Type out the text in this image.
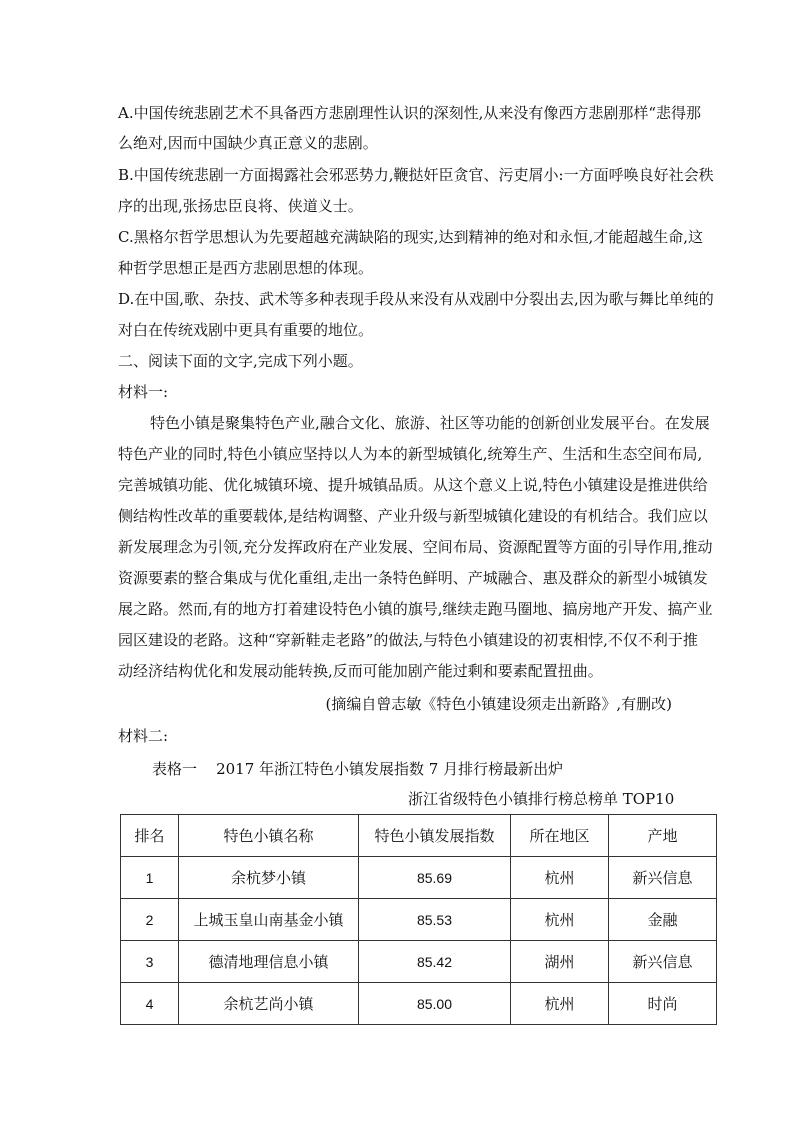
A.中国传统悲剧艺术不具备西方悲剧理性认识的深刻性,从来没有像西方悲剧那样“悲得那
么绝对,因而中国缺少真正意义的悲剧。
B.中国传统悲剧一方面揭露社会邪恶势力,鞭挞奸臣贪官、污吏屑小:一方面呼唤良好社会秩
序的出现,张扬忠臣良将、侠道义士。
C.黑格尔哲学思想认为先要超越充满缺陷的现实,达到精神的绝对和永恒,才能超越生命,这
种哲学思想正是西方悲剧思想的体现。
D.在中国,歌、杂技、武术等多种表现手段从来没有从戏剧中分裂出去,因为歌与舞比单纯的
对白在传统戏剧中更具有重要的地位。
二、阅读下面的文字,完成下列小题。
材料一:
特色小镇是聚集特色产业,融合文化、旅游、社区等功能的创新创业发展平台。在发展
特色产业的同时,特色小镇应坚持以人为本的新型城镇化,统筹生产、生活和生态空间布局,
完善城镇功能、优化城镇环境、提升城镇品质。从这个意义上说,特色小镇建设是推进供给
侧结构性改革的重要载体,是结构调整、产业升级与新型城镇化建设的有机结合。我们应以
新发展理念为引领,充分发挥政府在产业发展、空间布局、资源配置等方面的引导作用,推动
资源要素的整合集成与优化重组,走出一条特色鲜明、产城融合、惠及群众的新型小城镇发
展之路。然而,有的地方打着建设特色小镇的旗号,继续走跑马圈地、搞房地产开发、搞产业
园区建设的老路。这种“穿新鞋走老路”的做法,与特色小镇建设的初衷相悖,不仅不利于推
动经济结构优化和发展动能转换,反而可能加剧产能过剩和要素配置扭曲。
(摘编自曾志敏《特色小镇建设须走出新路》,有删改)
材料二:
表格一    2017 年浙江特色小镇发展指数 7 月排行榜最新出炉
浙江省级特色小镇排行榜总榜单 TOP10
排名	特色小镇名称	特色小镇发展指数	所在地区	产地
1	余杭梦小镇	85.69	杭州	新兴信息
2	上城玉皇山南基金小镇	85.53	杭州	金融
3	德清地理信息小镇	85.42	湖州	新兴信息
4	余杭艺尚小镇	85.00	杭州	时尚
